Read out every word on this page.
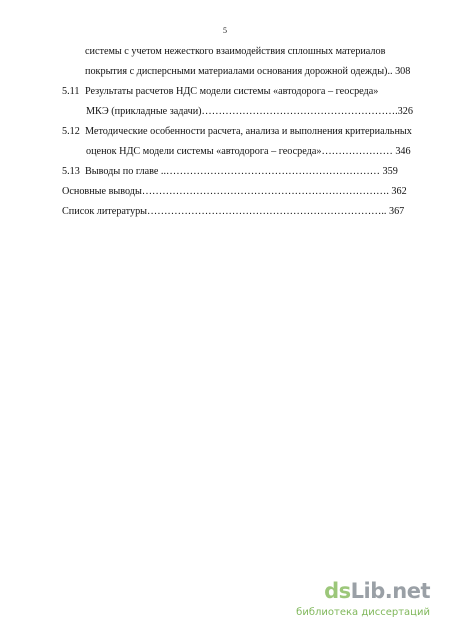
5
системы с учетом нежесткого взаимодействия сплошных материалов
покрытия с дисперсными материалами основания дорожной одежды).. 308
5.11 Результаты расчетов НДС модели системы «автодорога – геосреда»
МКЭ (прикладные задачи)………………………………………………….326
5.12 Методические особенности расчета, анализа и выполнения критериальных
оценок НДС модели системы «автодорога – геосреда»………………… 346
5.13 Выводы по главе ..……………………………………………………… 359
Основные выводы………………………………………………………………. 362
Список литературы…………………………………………………………….. 367
dsLib.net
библиотека диссертаций
